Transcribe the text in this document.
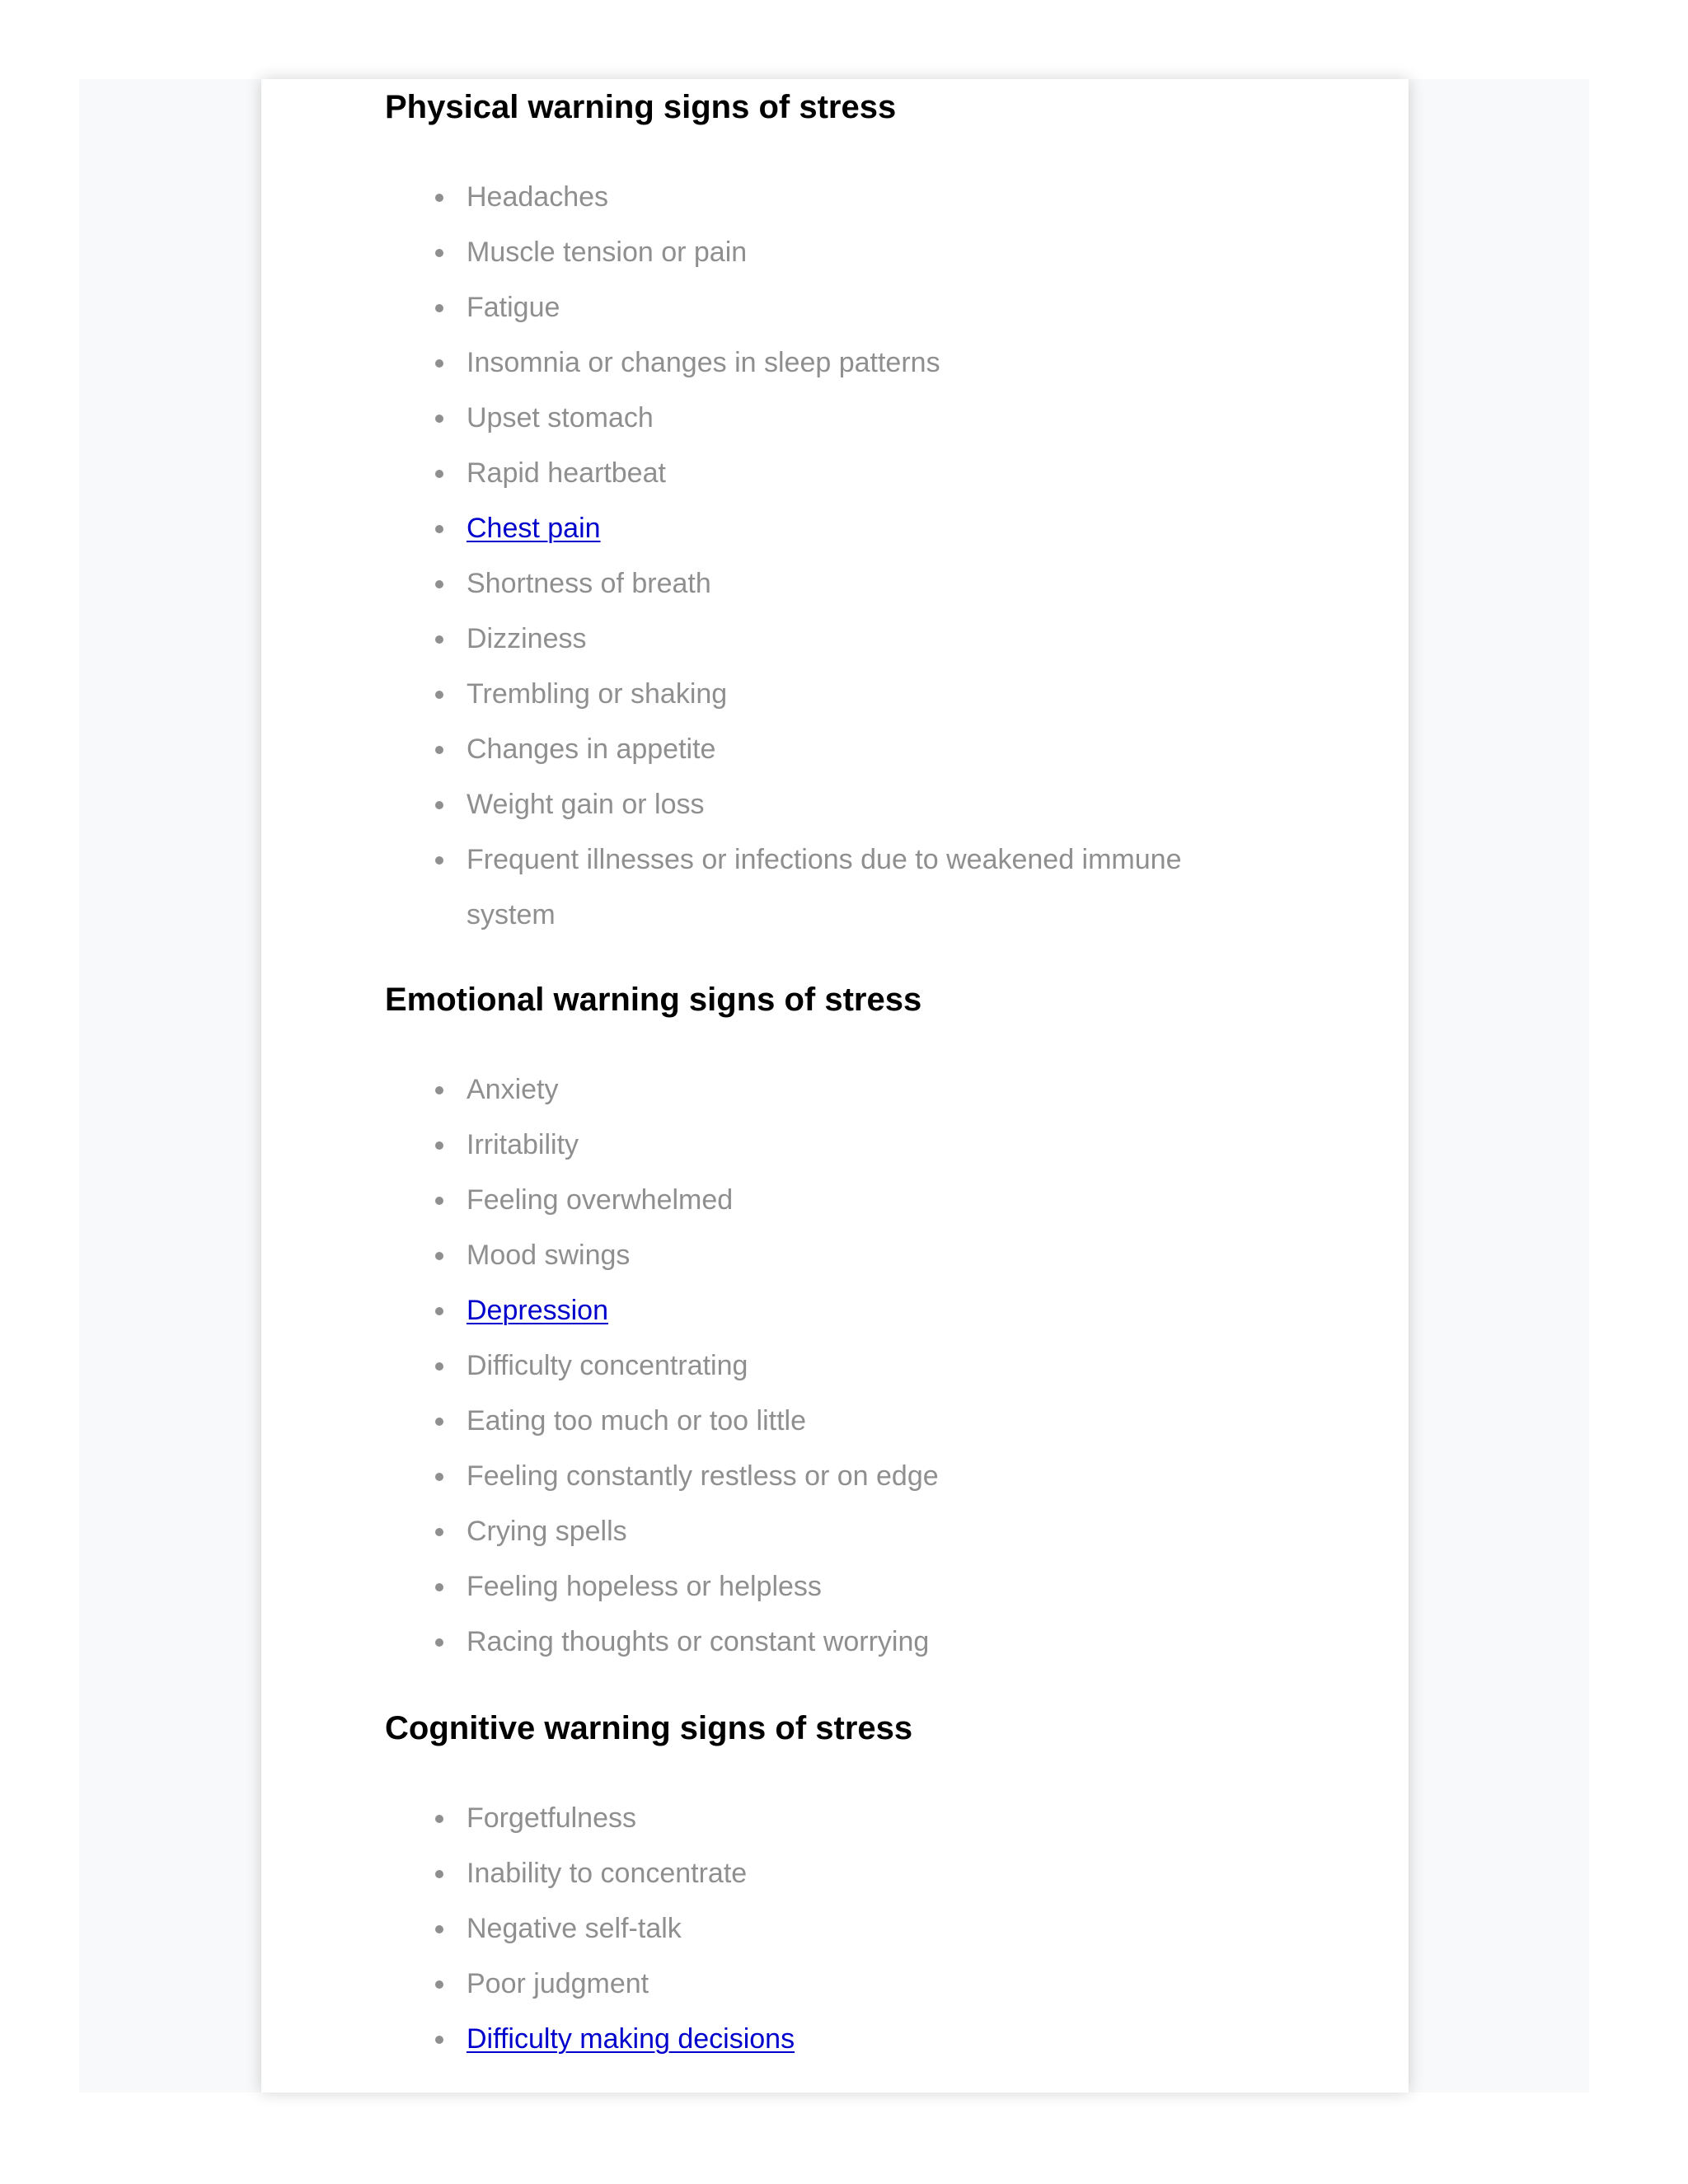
Physical warning signs of stress
Headaches
Muscle tension or pain
Fatigue
Insomnia or changes in sleep patterns
Upset stomach
Rapid heartbeat
Chest pain
Shortness of breath
Dizziness
Trembling or shaking
Changes in appetite
Weight gain or loss
Frequent illnesses or infections due to weakened immune system
Emotional warning signs of stress
Anxiety
Irritability
Feeling overwhelmed
Mood swings
Depression
Difficulty concentrating
Eating too much or too little
Feeling constantly restless or on edge
Crying spells
Feeling hopeless or helpless
Racing thoughts or constant worrying
Cognitive warning signs of stress
Forgetfulness
Inability to concentrate
Negative self-talk
Poor judgment
Difficulty making decisions
